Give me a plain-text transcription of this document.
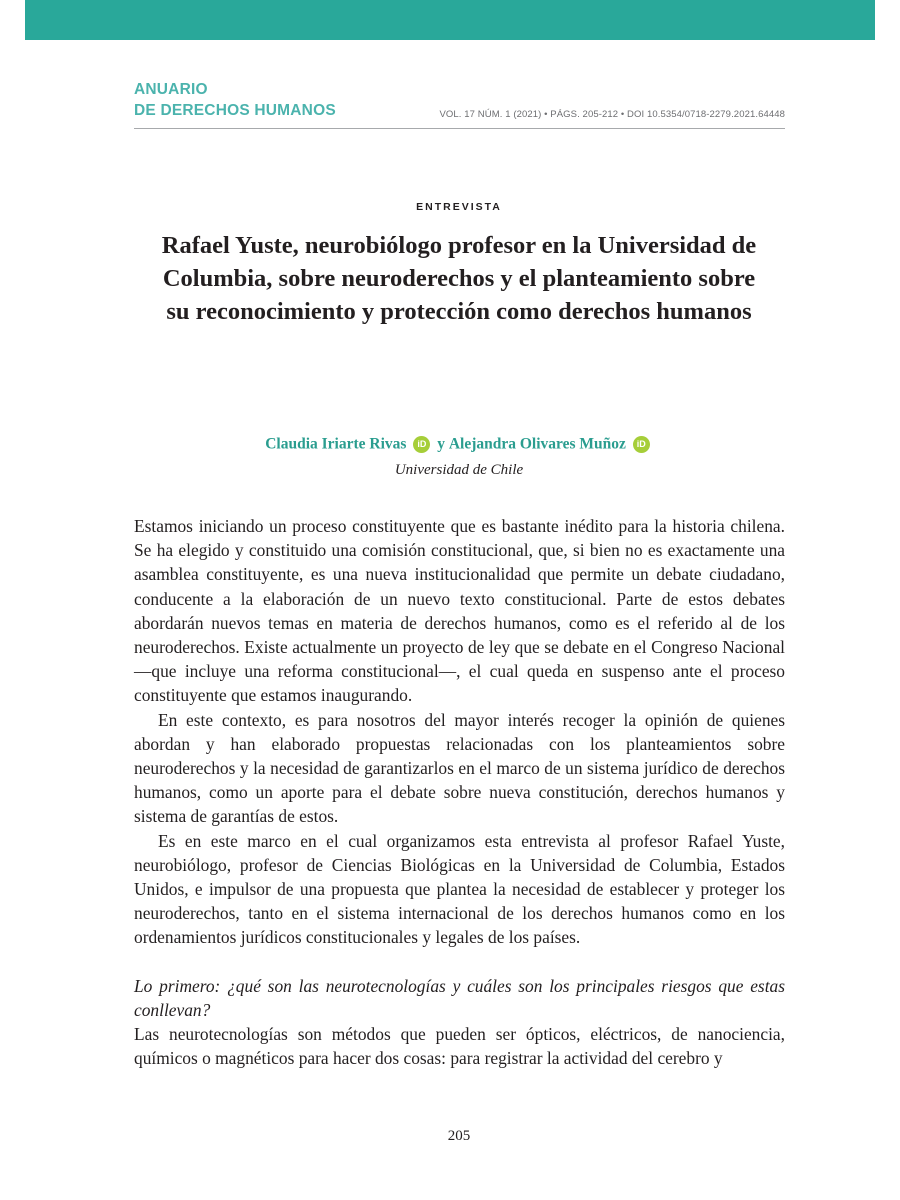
ANUARIO
DE DERECHOS HUMANOS	VOL. 17 NÚM. 1 (2021) • PÁGS. 205-212 • DOI 10.5354/0718-2279.2021.64448
ENTREVISTA
Rafael Yuste, neurobiólogo profesor en la Universidad de Columbia, sobre neuroderechos y el planteamiento sobre su reconocimiento y protección como derechos humanos
Claudia Iriarte Rivas iD y Alejandra Olivares Muñoz iD
Universidad de Chile

Estamos iniciando un proceso constituyente que es bastante inédito para la historia chilena. Se ha elegido y constituido una comisión constitucional, que, si bien no es exactamente una asamblea constituyente, es una nueva institucionalidad que permite un debate ciudadano, conducente a la elaboración de un nuevo texto constitucional. Parte de estos debates abordarán nuevos temas en materia de derechos humanos, como es el referido al de los neuroderechos. Existe actualmente un proyecto de ley que se debate en el Congreso Nacional —que incluye una reforma constitucional—, el cual queda en suspenso ante el proceso constituyente que estamos inaugurando.

En este contexto, es para nosotros del mayor interés recoger la opinión de quienes abordan y han elaborado propuestas relacionadas con los planteamientos sobre neuroderechos y la necesidad de garantizarlos en el marco de un sistema jurídico de derechos humanos, como un aporte para el debate sobre nueva constitución, derechos humanos y sistema de garantías de estos.

Es en este marco en el cual organizamos esta entrevista al profesor Rafael Yuste, neurobiólogo, profesor de Ciencias Biológicas en la Universidad de Columbia, Estados Unidos, e impulsor de una propuesta que plantea la necesidad de establecer y proteger los neuroderechos, tanto en el sistema internacional de los derechos humanos como en los ordenamientos jurídicos constitucionales y legales de los países.

Lo primero: ¿qué son las neurotecnologías y cuáles son los principales riesgos que estas conllevan?

Las neurotecnologías son métodos que pueden ser ópticos, eléctricos, de nanociencia, químicos o magnéticos para hacer dos cosas: para registrar la actividad del cerebro y

205
